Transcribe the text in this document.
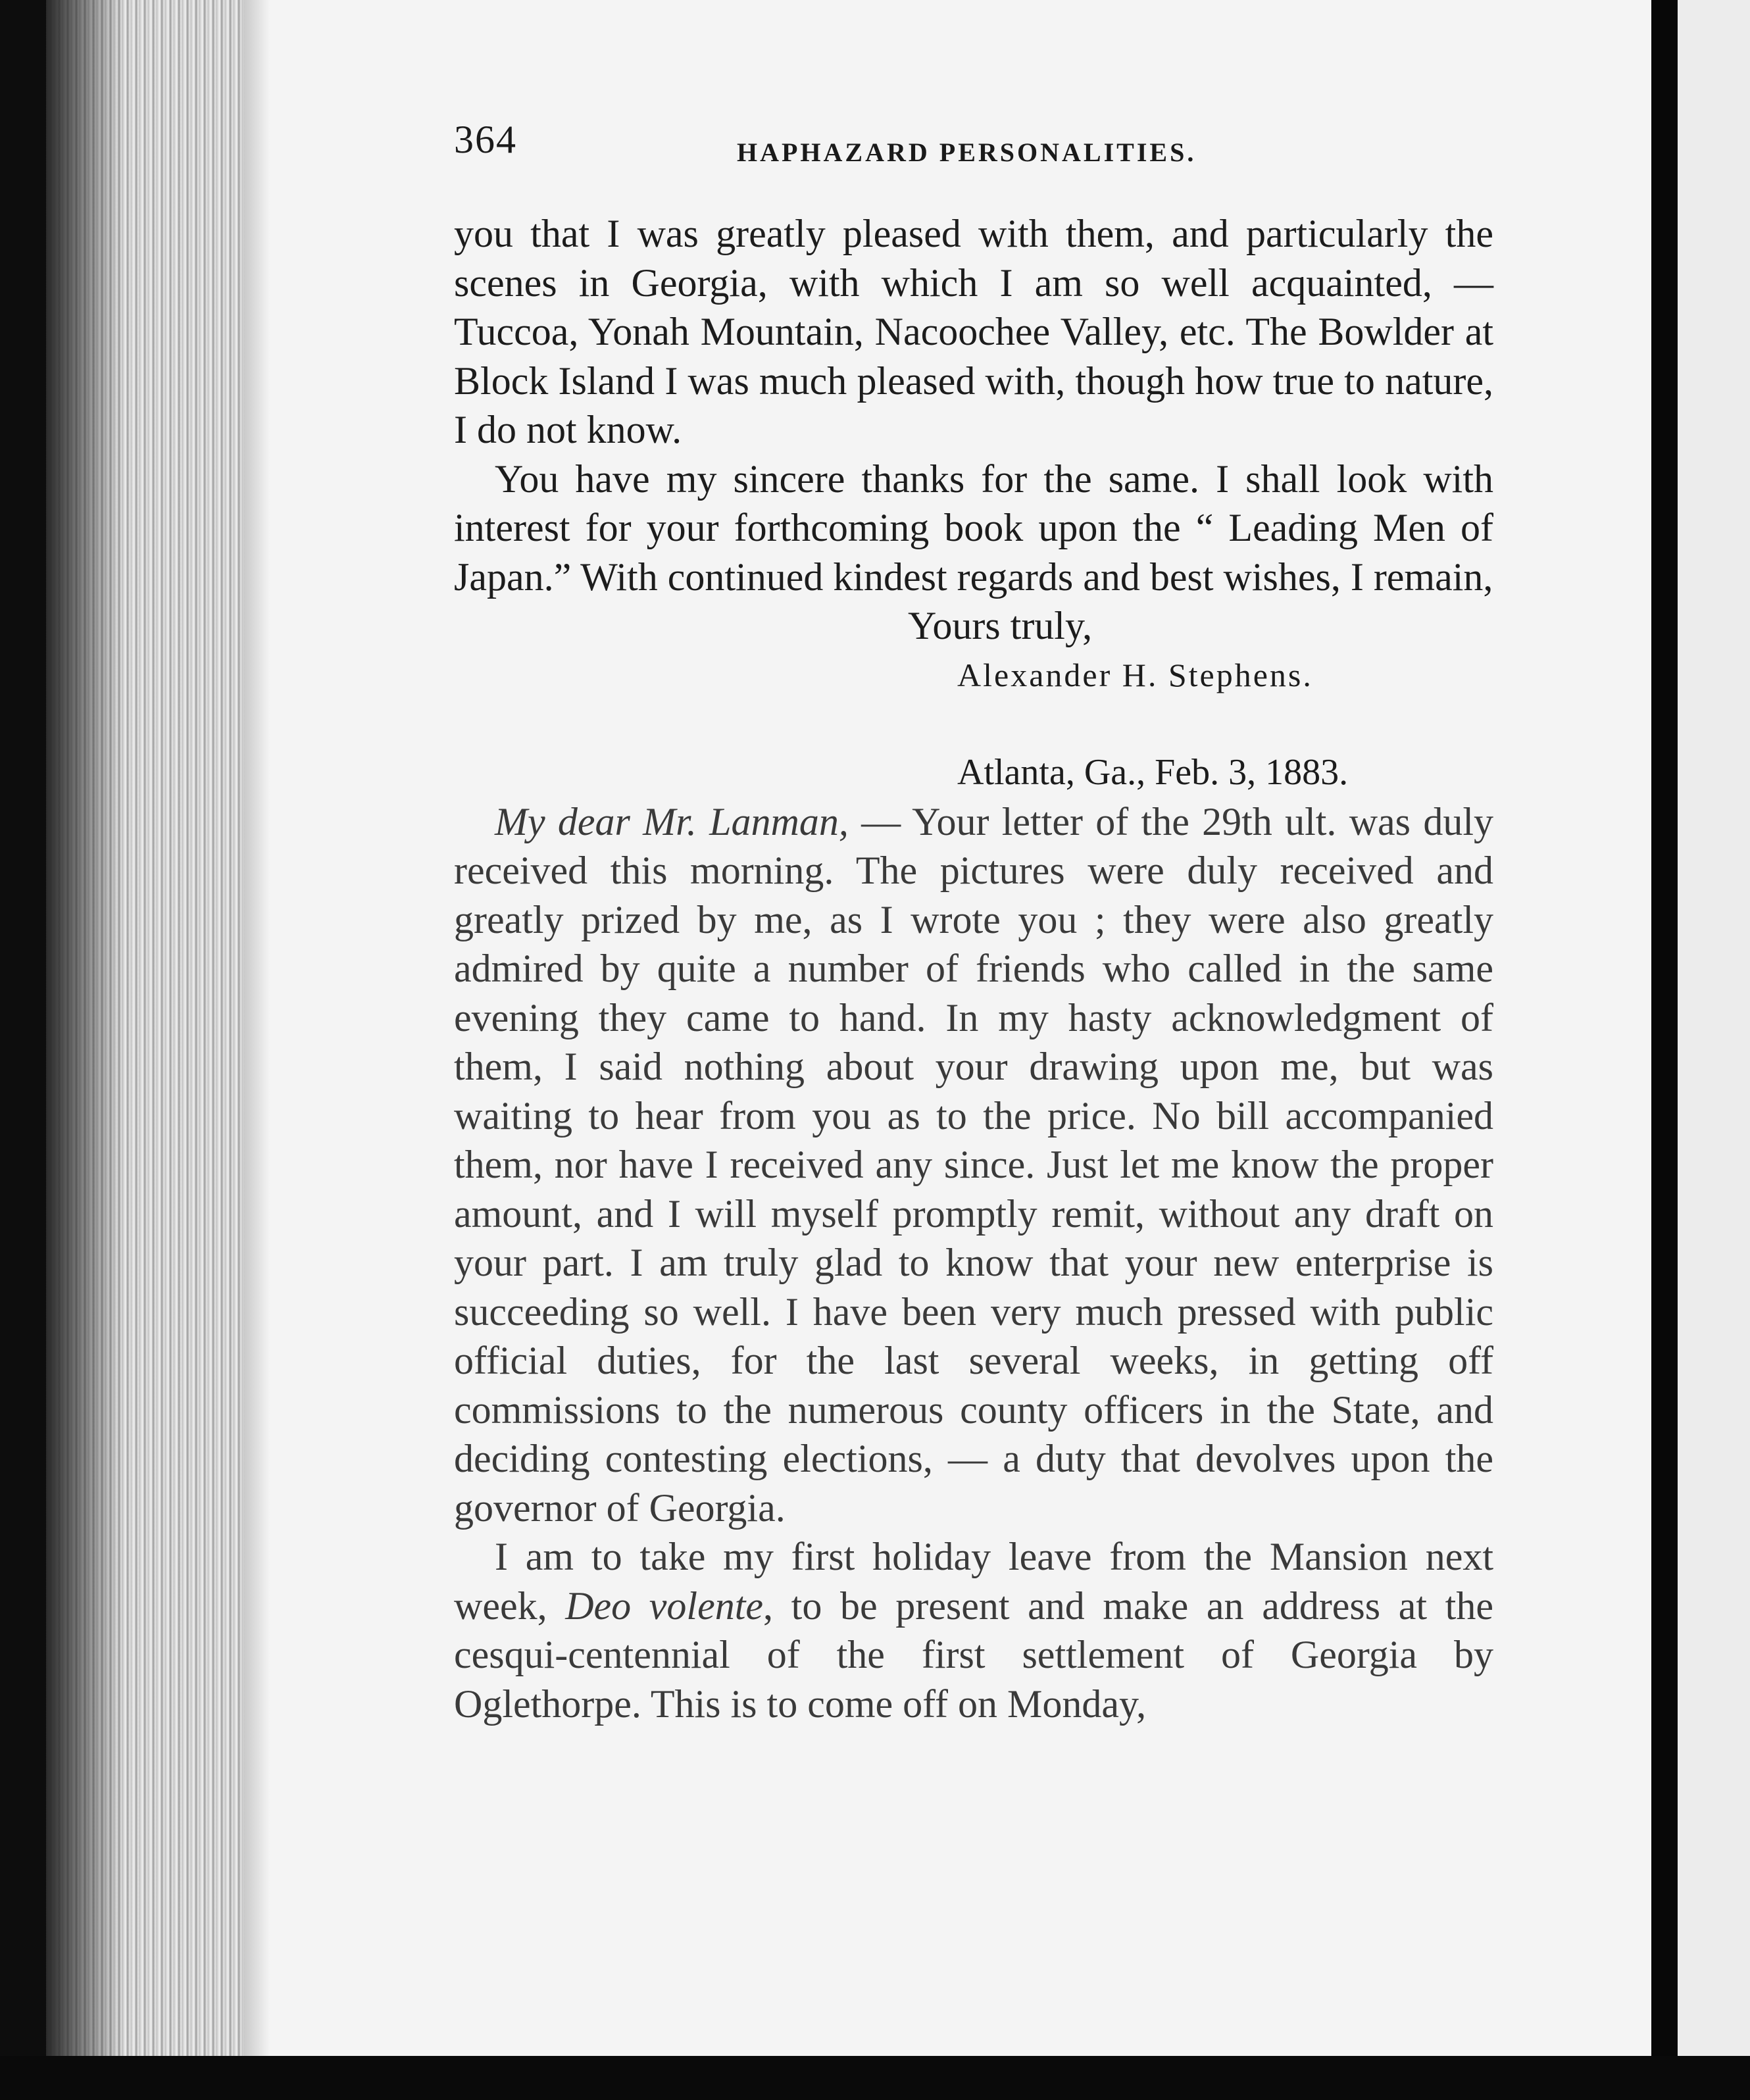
364	HAPHAZARD PERSONALITIES.

you that I was greatly pleased with them, and particularly the scenes in Georgia, with which I am so well acquainted, — Tuccoa, Yonah Mountain, Nacoochee Valley, etc. The Bowlder at Block Island I was much pleased with, though how true to nature, I do not know.

You have my sincere thanks for the same. I shall look with interest for your forthcoming book upon the “ Leading Men of Japan.” With continued kindest regards and best wishes, I remain,

Yours truly,

Alexander H. Stephens.

Atlanta, Ga., Feb. 3, 1883.

My dear Mr. Lanman, — Your letter of the 29th ult. was duly received this morning. The pictures were duly received and greatly prized by me, as I wrote you ; they were also greatly admired by quite a number of friends who called in the same evening they came to hand. In my hasty acknowledgment of them, I said nothing about your drawing upon me, but was waiting to hear from you as to the price. No bill accompanied them, nor have I received any since. Just let me know the proper amount, and I will myself promptly remit, without any draft on your part. I am truly glad to know that your new enterprise is succeeding so well. I have been very much pressed with public official duties, for the last several weeks, in getting off commissions to the numerous county officers in the State, and deciding contesting elections, — a duty that devolves upon the governor of Georgia.

I am to take my first holiday leave from the Mansion next week, Deo volente, to be present and make an address at the cesqui-centennial of the first settlement of Georgia by Oglethorpe. This is to come off on Monday,
